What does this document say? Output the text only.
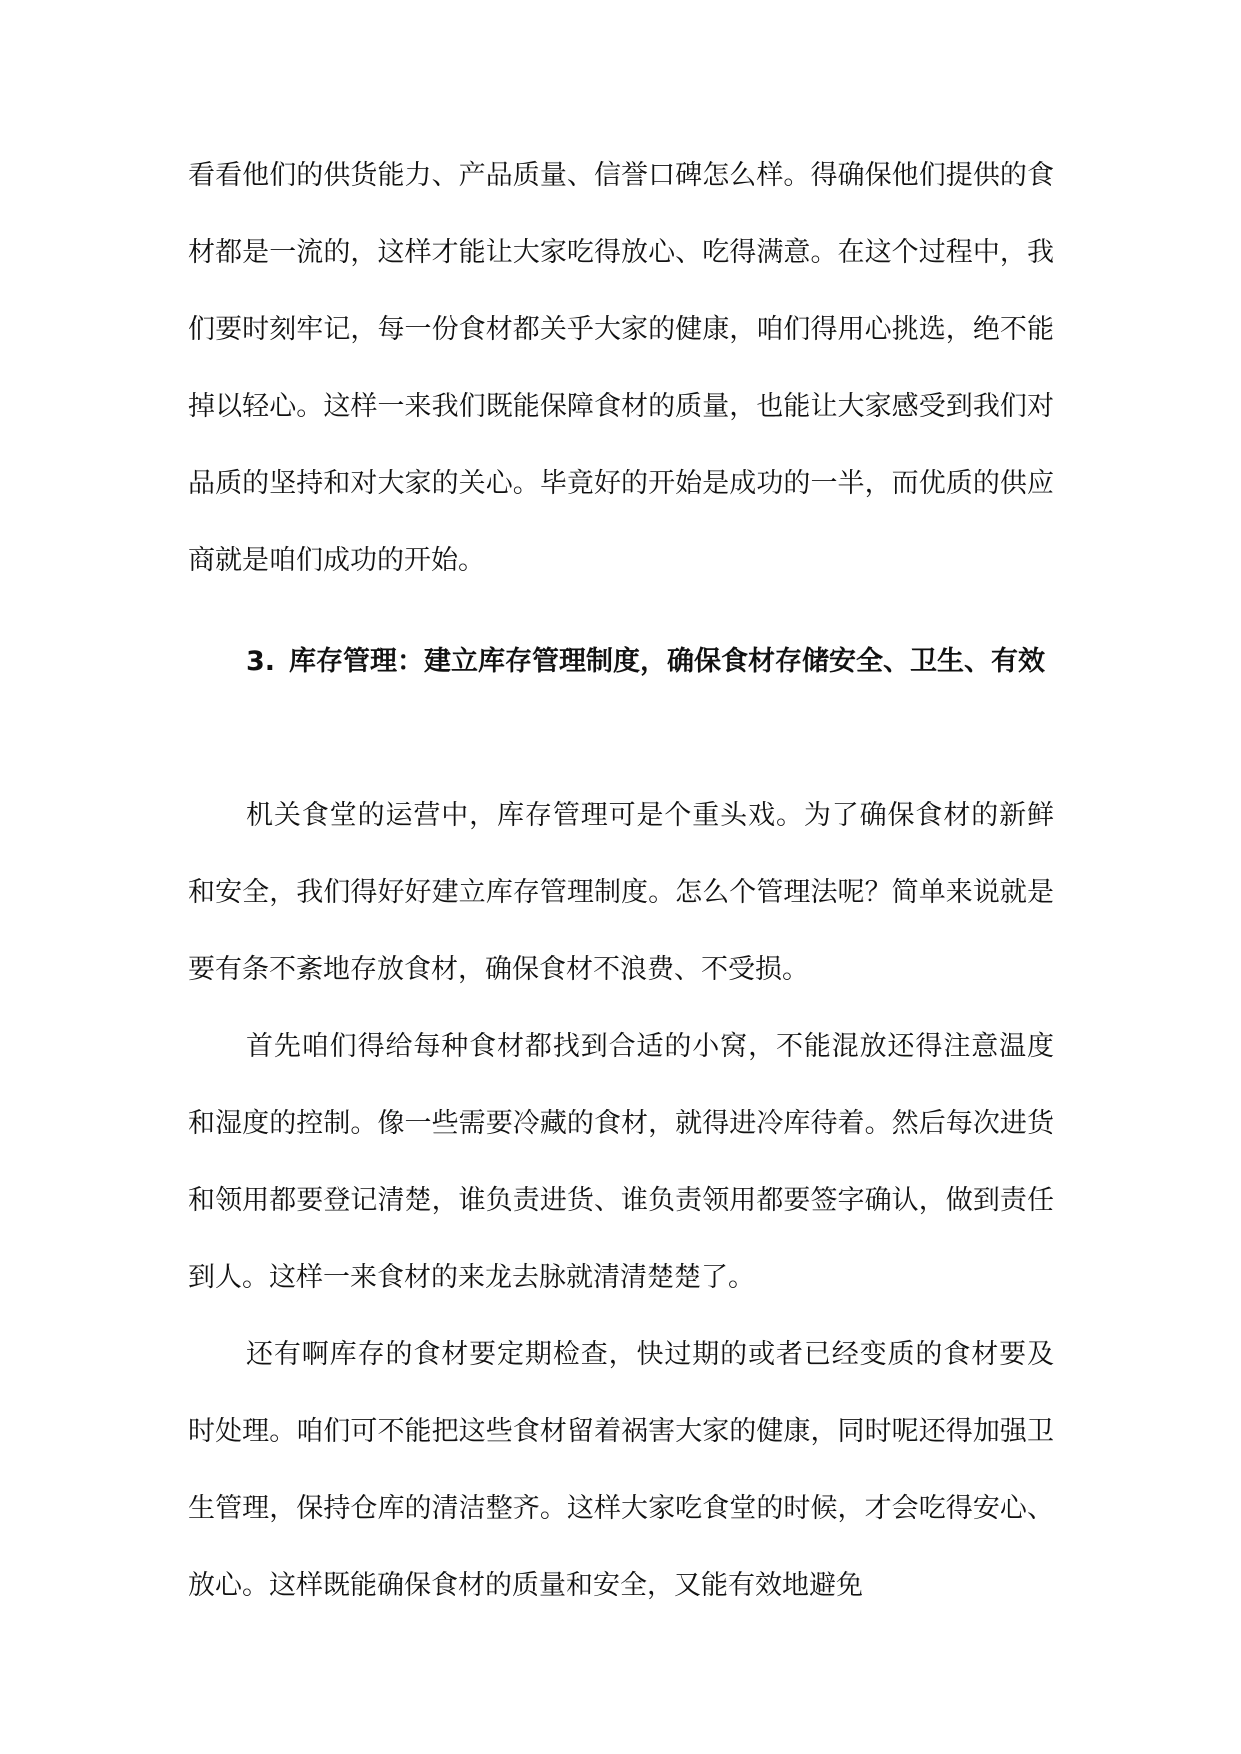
看看他们的供货能力、产品质量、信誉口碑怎么样。得确保他们提供的食材都是一流的，这样才能让大家吃得放心、吃得满意。在这个过程中，我们要时刻牢记，每一份食材都关乎大家的健康，咱们得用心挑选，绝不能掉以轻心。这样一来我们既能保障食材的质量，也能让大家感受到我们对品质的坚持和对大家的关心。毕竟好的开始是成功的一半，而优质的供应商就是咱们成功的开始。
3. 库存管理：建立库存管理制度，确保食材存储安全、卫生、有效

机关食堂的运营中，库存管理可是个重头戏。为了确保食材的新鲜和安全，我们得好好建立库存管理制度。怎么个管理法呢？简单来说就是要有条不紊地存放食材，确保食材不浪费、不受损。

首先咱们得给每种食材都找到合适的小窝，不能混放还得注意温度和湿度的控制。像一些需要冷藏的食材，就得进冷库待着。然后每次进货和领用都要登记清楚，谁负责进货、谁负责领用都要签字确认，做到责任到人。这样一来食材的来龙去脉就清清楚楚了。

还有啊库存的食材要定期检查，快过期的或者已经变质的食材要及时处理。咱们可不能把这些食材留着祸害大家的健康，同时呢还得加强卫生管理，保持仓库的清洁整齐。这样大家吃食堂的时候，才会吃得安心、放心。这样既能确保食材的质量和安全，又能有效地避免
